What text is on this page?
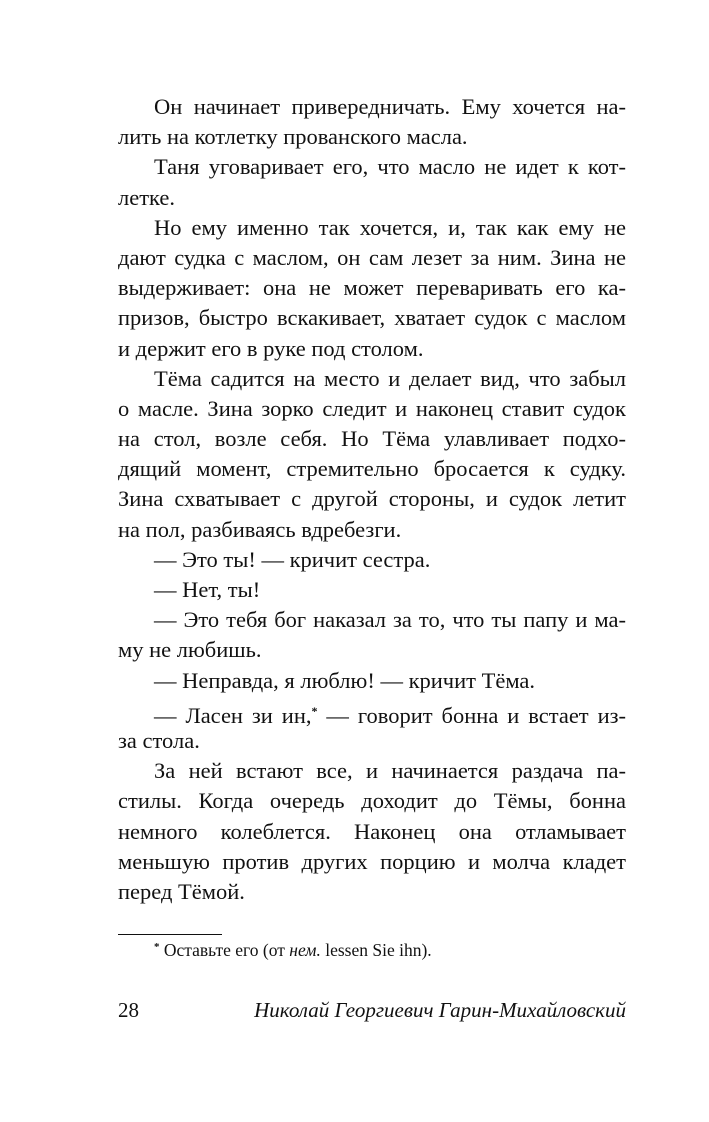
Он начинает привередничать. Ему хочется на-
лить на котлетку прованского масла.
Таня уговаривает его, что масло не идет к кот-
летке.
Но ему именно так хочется, и, так как ему не
дают судка с маслом, он сам лезет за ним. Зина не
выдерживает: она не может переваривать его ка-
призов, быстро вскакивает, хватает судок с маслом
и держит его в руке под столом.
Тёма садится на место и делает вид, что забыл
о масле. Зина зорко следит и наконец ставит судок
на стол, возле себя. Но Тёма улавливает подхо-
дящий момент, стремительно бросается к судку.
Зина схватывает с другой стороны, и судок летит
на пол, разбиваясь вдребезги.
— Это ты! — кричит сестра.
— Нет, ты!
— Это тебя бог наказал за то, что ты папу и ма-
му не любишь.
— Неправда, я люблю! — кричит Тёма.
— Ласен зи ин,* — говорит бонна и встает из-
за стола.
За ней встают все, и начинается раздача па-
стилы. Когда очередь доходит до Тёмы, бонна
немного колеблется. Наконец она отламывает
меньшую против других порцию и молча кладет
перед Тёмой.
* Оставьте его (от нем. lessen Sie ihn).
28	Николай Георгиевич Гарин-Михайловский
